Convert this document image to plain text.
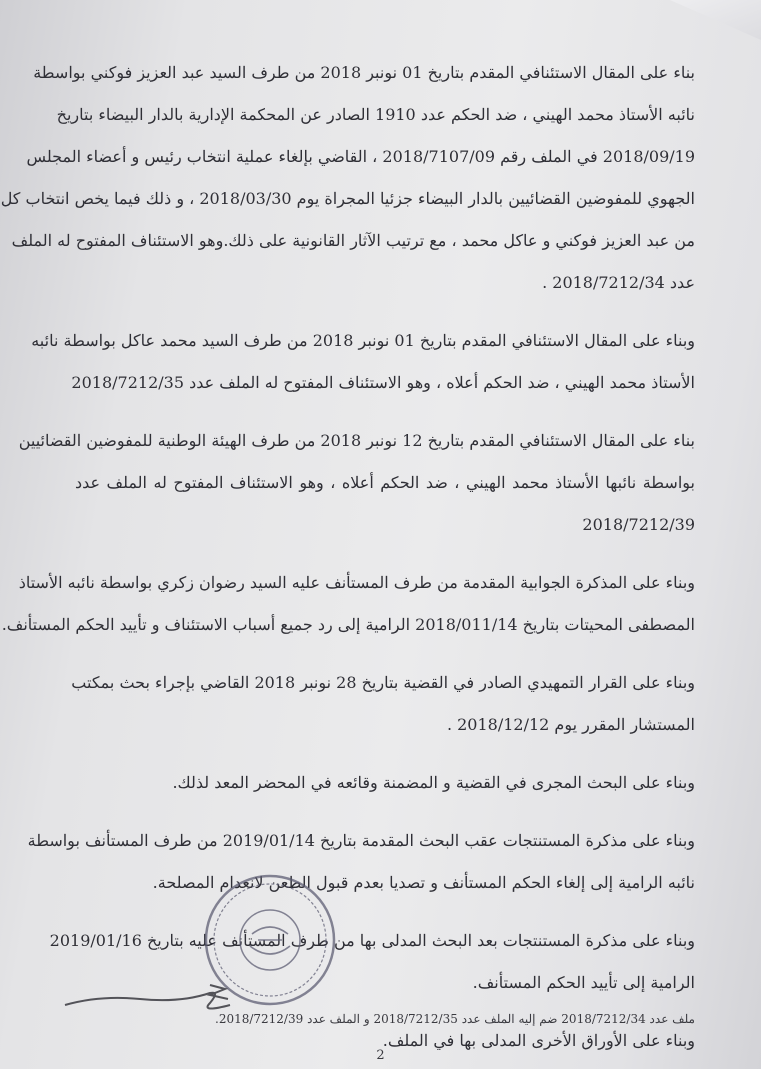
بناء على المقال الاستئنافي المقدم بتاريخ 01 نونبر 2018 من طرف السيد عبد العزيز فوكني بواسطة
نائبه الأستاذ محمد الهيني ، ضد الحكم عدد 1910 الصادر عن المحكمة الإدارية بالدار البيضاء بتاريخ
2018/09/19 في الملف رقم 2018/7107/09 ، القاضي بإلغاء عملية انتخاب رئيس و أعضاء المجلس
الجهوي للمفوضين القضائيين بالدار البيضاء جزئيا المجراة يوم 2018/03/30 ، و ذلك فيما يخص انتخاب كل
من عبد العزيز فوكني و عاكل محمد ، مع ترتيب الآثار القانونية على ذلك.وهو الاستئناف المفتوح له الملف
عدد 2018/7212/34 .
وبناء على المقال الاستئنافي المقدم بتاريخ 01 نونبر 2018 من طرف السيد محمد عاكل بواسطة نائبه
الأستاذ محمد الهيني ، ضد الحكم أعلاه ، وهو الاستئناف المفتوح له الملف عدد 2018/7212/35
بناء على المقال الاستئنافي المقدم بتاريخ 12 نونبر 2018 من طرف الهيئة الوطنية للمفوضين القضائيين
بواسطة نائبها الأستاذ محمد الهيني ، ضد الحكم أعلاه ، وهو الاستئناف المفتوح له الملف عدد
2018/7212/39
وبناء على المذكرة الجوابية المقدمة من طرف المستأنف عليه السيد رضوان زكري بواسطة نائبه الأستاذ
المصطفى المحيتات بتاريخ 2018/011/14 الرامية إلى رد جميع أسباب الاستئناف و تأييد الحكم المستأنف.
وبناء على القرار التمهيدي الصادر في القضية بتاريخ 28 نونبر 2018 القاضي بإجراء بحث بمكتب
المستشار المقرر يوم 2018/12/12 .
وبناء على البحث المجرى في القضية و المضمنة وقائعه في المحضر المعد لذلك.
وبناء على مذكرة المستنتجات عقب البحث المقدمة بتاريخ 2019/01/14 من طرف المستأنف بواسطة
نائبه الرامية إلى إلغاء الحكم المستأنف و تصديا بعدم قبول الطعن لانعدام المصلحة.
وبناء على مذكرة المستنتجات بعد البحث المدلى بها من طرف المستأنف عليه بتاريخ 2019/01/16
الرامية إلى تأييد الحكم المستأنف.
وبناء على الأوراق الأخرى المدلى بها في الملف.
ملف عدد 2018/7212/34 ضم إليه الملف عدد 2018/7212/35 و الملف عدد 2018/7212/39.
2
